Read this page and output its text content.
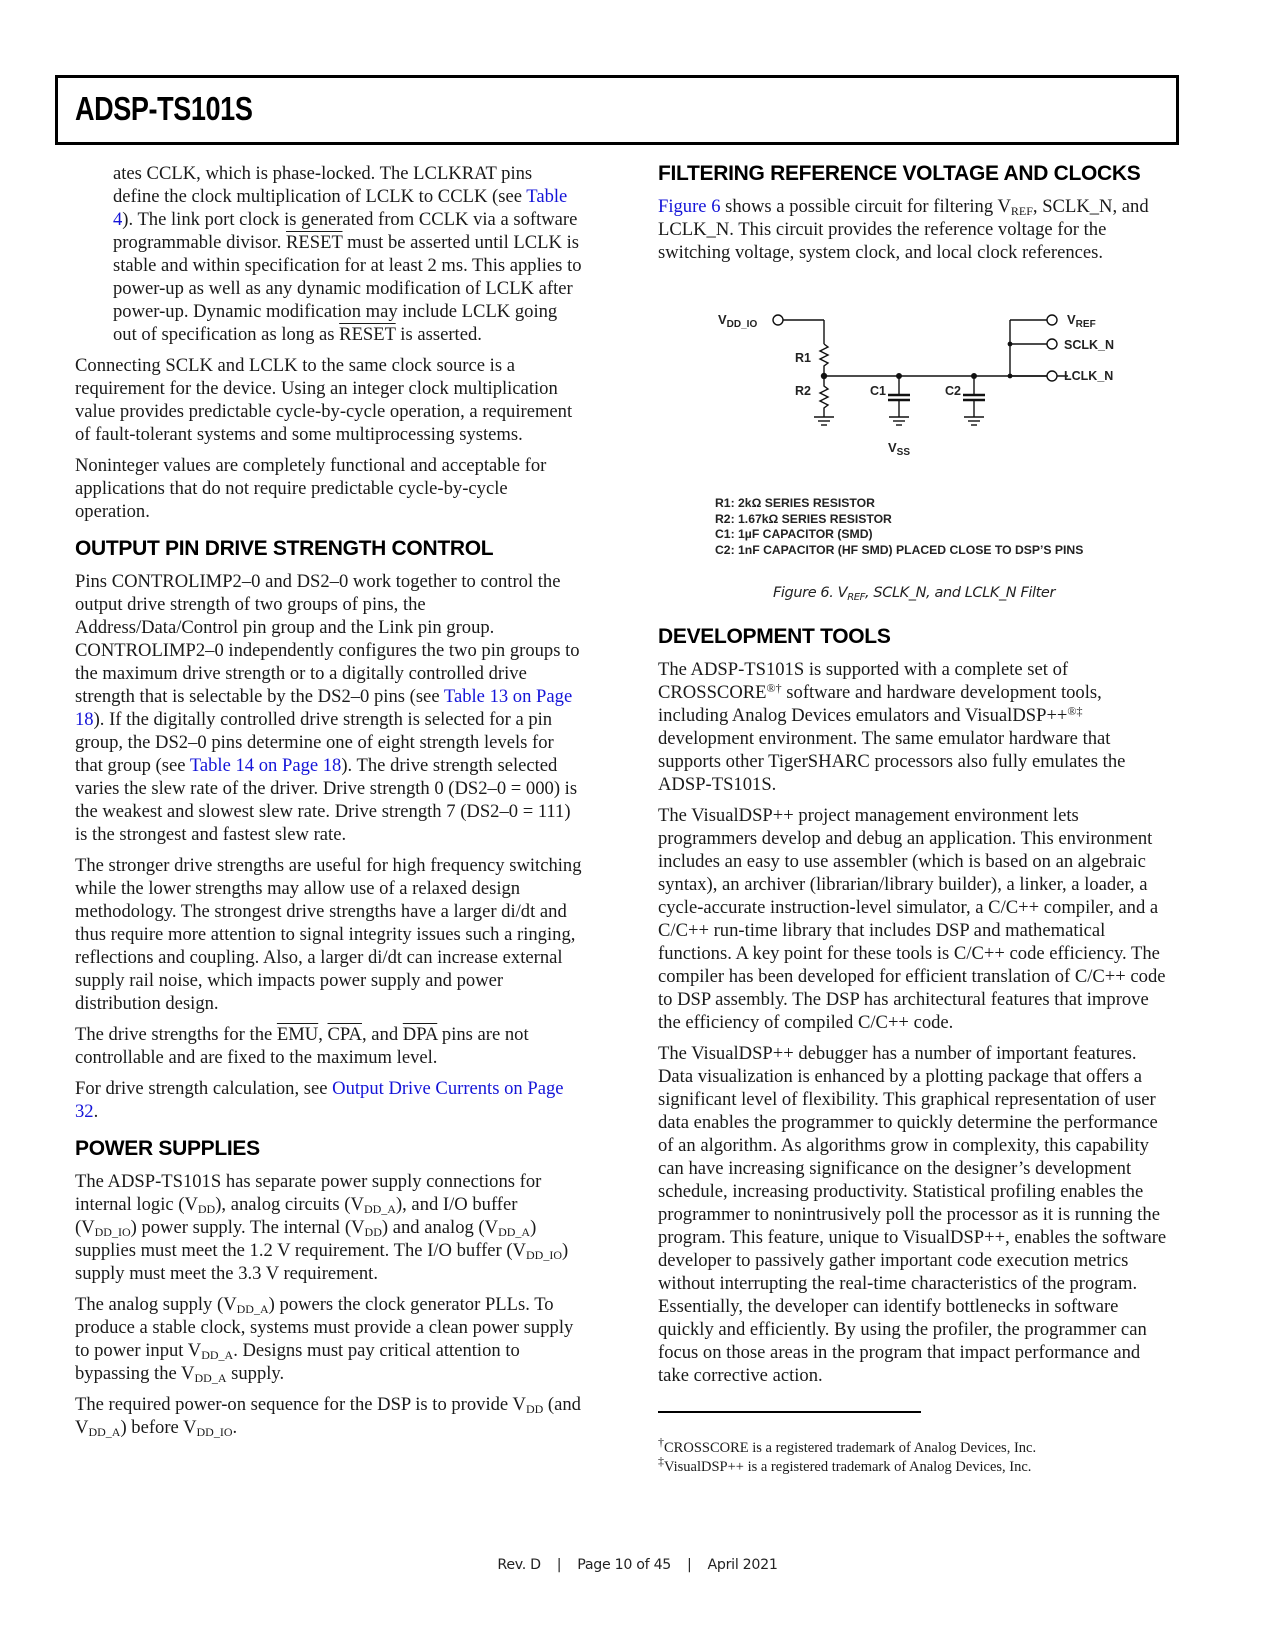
ADSP-TS101S

ates CCLK, which is phase-locked. The LCLKRAT pins define the clock multiplication of LCLK to CCLK (see Table 4). The link port clock is generated from CCLK via a software programmable divisor. RESET must be asserted until LCLK is stable and within specification for at least 2 ms. This applies to power-up as well as any dynamic modification of LCLK after power-up. Dynamic modification may include LCLK going out of specification as long as RESET is asserted.

Connecting SCLK and LCLK to the same clock source is a requirement for the device. Using an integer clock multiplication value provides predictable cycle-by-cycle operation, a requirement of fault-tolerant systems and some multiprocessing systems.

Noninteger values are completely functional and acceptable for applications that do not require predictable cycle-by-cycle operation.

OUTPUT PIN DRIVE STRENGTH CONTROL

Pins CONTROLIMP2–0 and DS2–0 work together to control the output drive strength of two groups of pins, the Address/Data/Control pin group and the Link pin group. CONTROLIMP2–0 independently configures the two pin groups to the maximum drive strength or to a digitally controlled drive strength that is selectable by the DS2–0 pins (see Table 13 on Page 18). If the digitally controlled drive strength is selected for a pin group, the DS2–0 pins determine one of eight strength levels for that group (see Table 14 on Page 18). The drive strength selected varies the slew rate of the driver. Drive strength 0 (DS2–0 = 000) is the weakest and slowest slew rate. Drive strength 7 (DS2–0 = 111) is the strongest and fastest slew rate.

The stronger drive strengths are useful for high frequency switching while the lower strengths may allow use of a relaxed design methodology. The strongest drive strengths have a larger di/dt and thus require more attention to signal integrity issues such a ringing, reflections and coupling. Also, a larger di/dt can increase external supply rail noise, which impacts power supply and power distribution design.

The drive strengths for the $\overline{EMU}$, $\overline{CPA}$, and $\overline{DPA}$ pins are not controllable and are fixed to the maximum level.

For drive strength calculation, see Output Drive Currents on Page 32.

POWER SUPPLIES

The ADSP-TS101S has separate power supply connections for internal logic $(V_{DD})$, analog circuits $(V_{DD\_A})$, and I/O buffer $(V_{DD\_IO})$ power supply. The internal $(V_{DD})$ and analog $(V_{DD\_A})$ supplies must meet the 1.2 V requirement. The I/O buffer $(V_{DD\_IO})$ supply must meet the 3.3 V requirement.

The analog supply $(V_{DD\_A})$ powers the clock generator PLLs. To produce a stable clock, systems must provide a clean power supply to power input $V_{DD\_A}$. Designs must pay critical attention to bypassing the $V_{DD\_A}$ supply.

The required power-on sequence for the DSP is to provide $V_{DD}$ (and $V_{DD\_A}$) before $V_{DD\_IO}$.

FILTERING REFERENCE VOLTAGE AND CLOCKS

Figure 6 shows a possible circuit for filtering $V_{REF}$, SCLK_N, and LCLK_N. This circuit provides the reference voltage for the switching voltage, system clock, and local clock references.

$V_{DD\_IO}$
R1
R2	C1	C2
$V_{REF}$
SCLK_N
LCLK_N
$V_{SS}$
R1: 2kΩ SERIES RESISTOR
R2: 1.67kΩ SERIES RESISTOR
C1: 1µF CAPACITOR (SMD)
C2: 1nF CAPACITOR (HF SMD) PLACED CLOSE TO DSP’S PINS

Figure 6. $V_{REF}$, SCLK_N, and LCLK_N Filter

DEVELOPMENT TOOLS

The ADSP-TS101S is supported with a complete set of CROSSCORE®† software and hardware development tools, including Analog Devices emulators and VisualDSP++®‡ development environment. The same emulator hardware that supports other TigerSHARC processors also fully emulates the ADSP-TS101S.

The VisualDSP++ project management environment lets programmers develop and debug an application. This environment includes an easy to use assembler (which is based on an algebraic syntax), an archiver (librarian/library builder), a linker, a loader, a cycle-accurate instruction-level simulator, a C/C++ compiler, and a C/C++ run-time library that includes DSP and mathematical functions. A key point for these tools is C/C++ code efficiency. The compiler has been developed for efficient translation of C/C++ code to DSP assembly. The DSP has architectural features that improve the efficiency of compiled C/C++ code.

The VisualDSP++ debugger has a number of important features. Data visualization is enhanced by a plotting package that offers a significant level of flexibility. This graphical representation of user data enables the programmer to quickly determine the performance of an algorithm. As algorithms grow in complexity, this capability can have increasing significance on the designer’s development schedule, increasing productivity. Statistical profiling enables the programmer to nonintrusively poll the processor as it is running the program. This feature, unique to VisualDSP++, enables the software developer to passively gather important code execution metrics without interrupting the real-time characteristics of the program. Essentially, the developer can identify bottlenecks in software quickly and efficiently. By using the profiler, the programmer can focus on those areas in the program that impact performance and take corrective action.

†CROSSCORE is a registered trademark of Analog Devices, Inc.

‡VisualDSP++ is a registered trademark of Analog Devices, Inc.

Rev. D | Page 10 of 45 | April 2021
